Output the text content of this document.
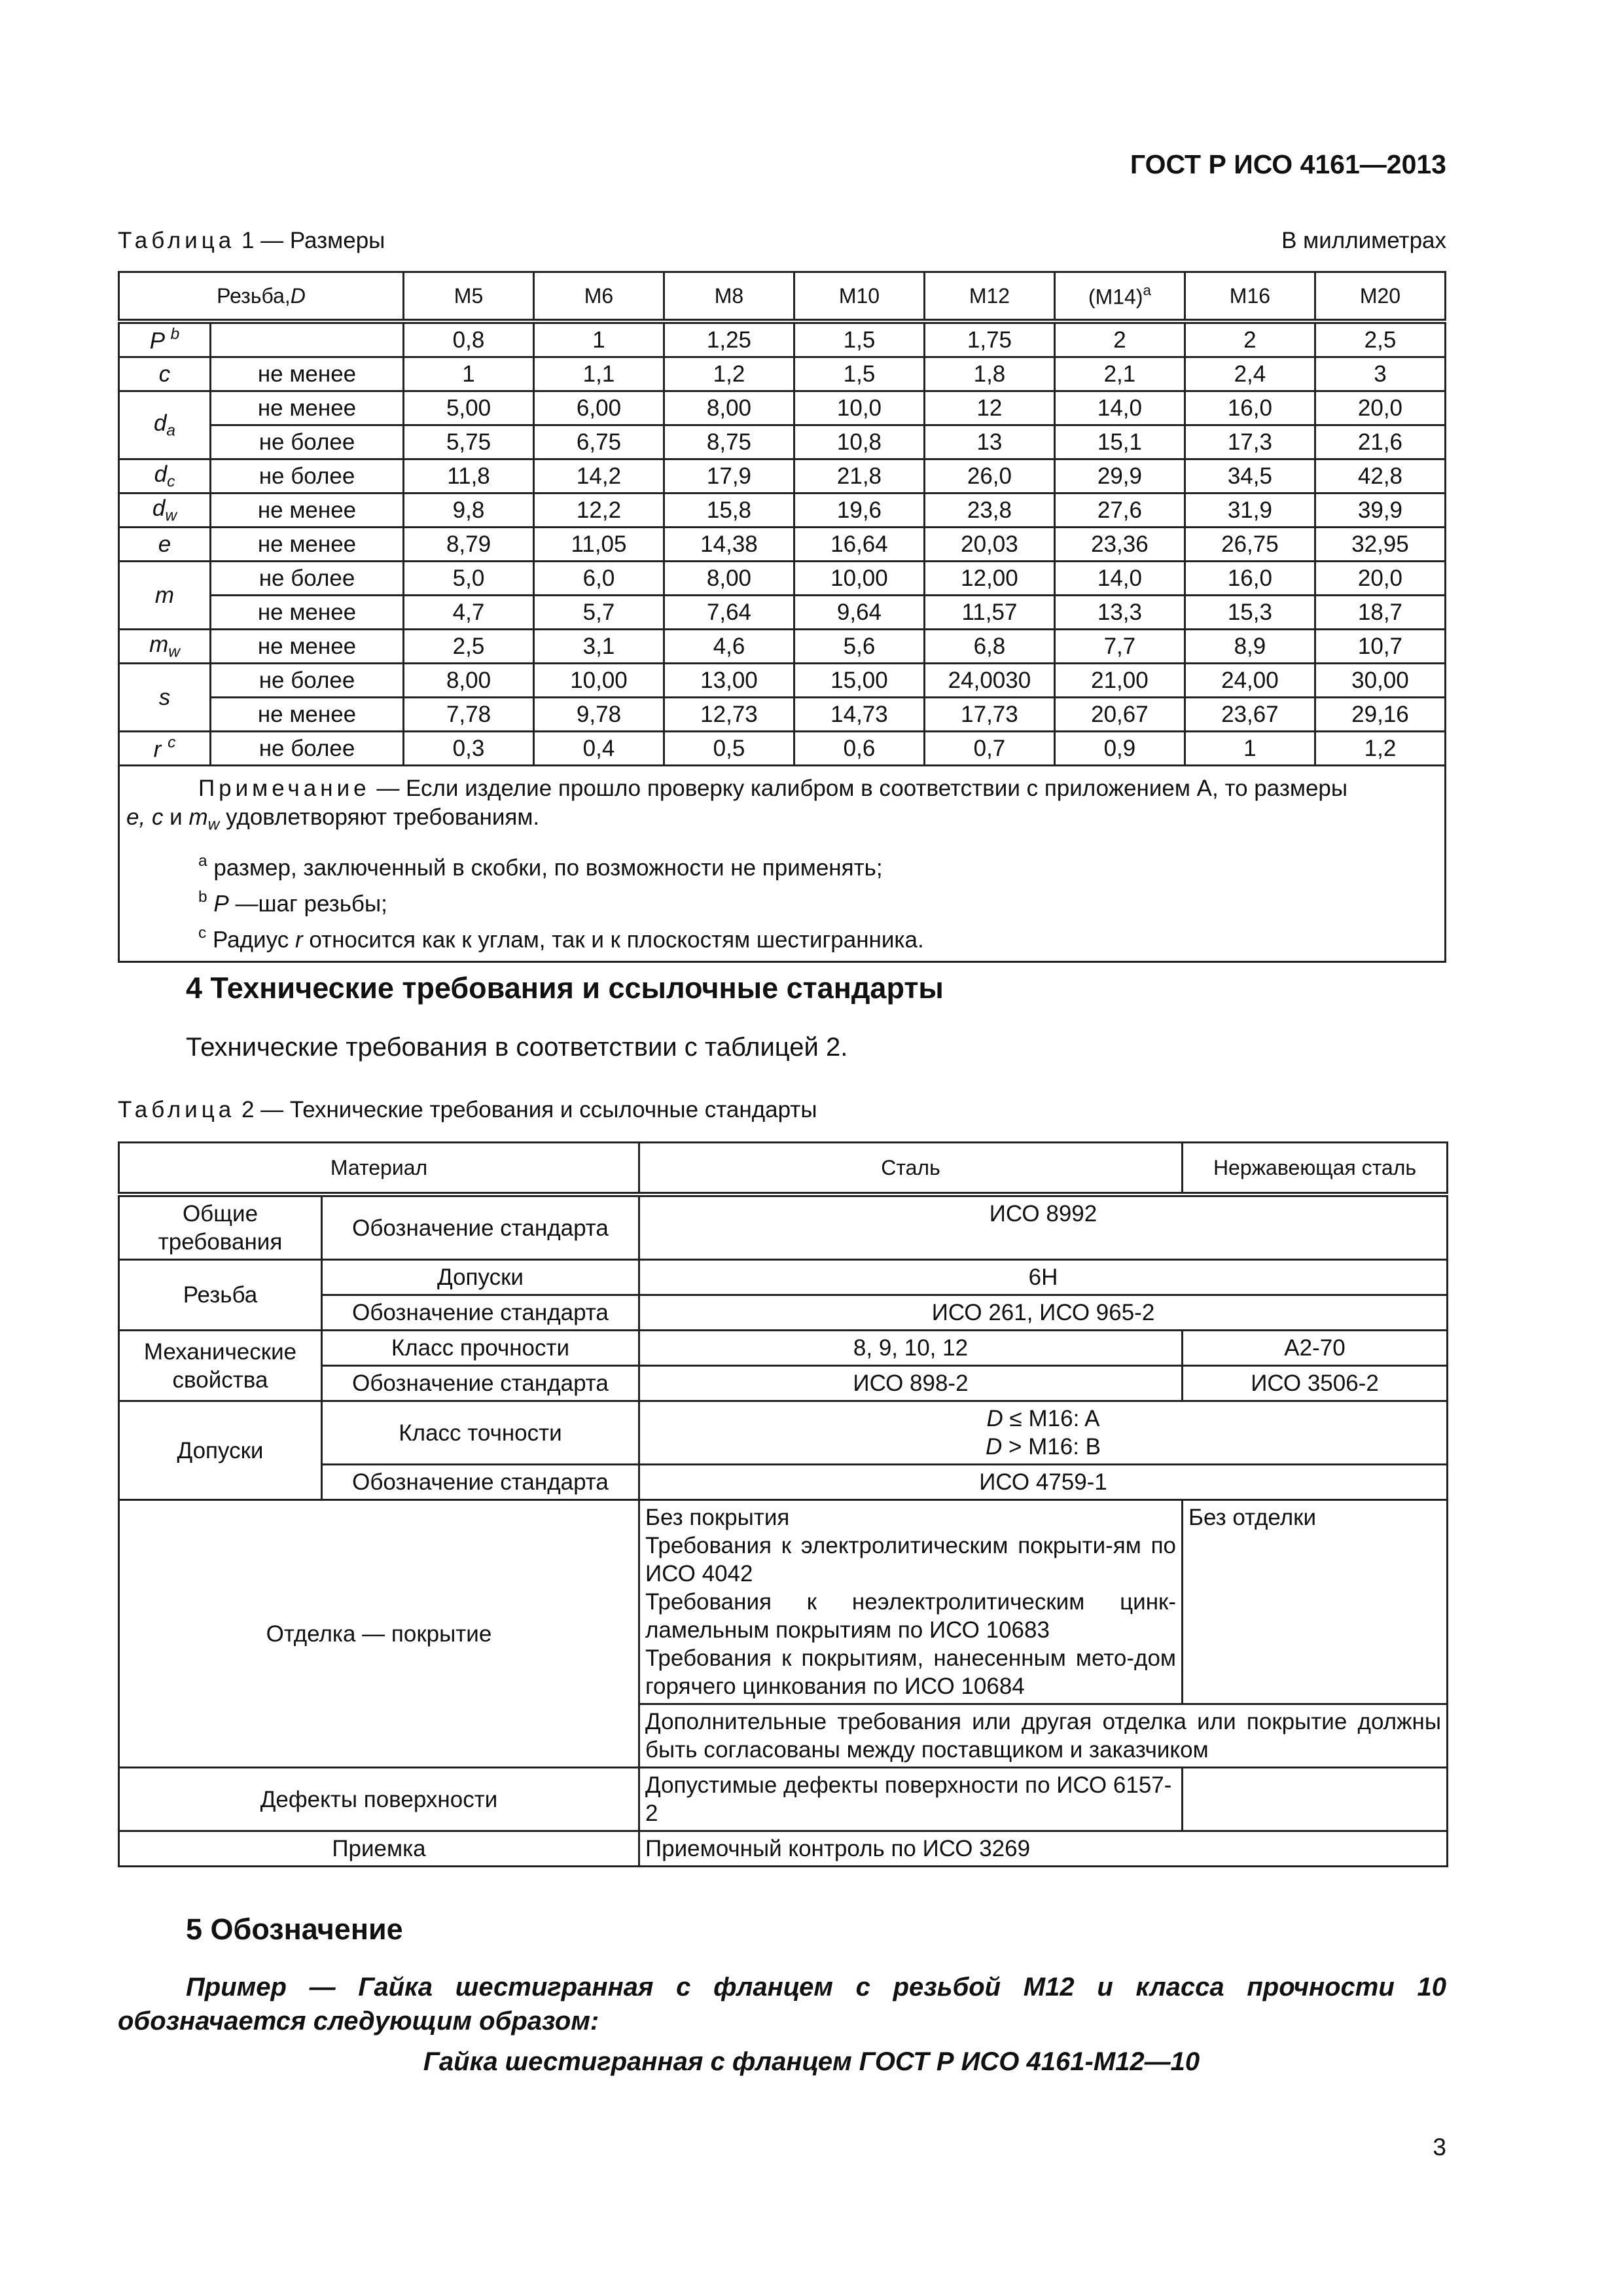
ГОСТ Р ИСО 4161—2013
Таблица 1 — Размеры	В миллиметрах
Резьба,D		M5	M6	M8	M10	M12	$(M14)^a$	M16	M20
P $^b$		0,8	1	1,25	1,5	1,75	2	2	2,5
c	не менее	1	1,1	1,2	1,5	1,8	2,1	2,4	3
$d_a$	не менее	5,00	6,00	8,00	10,0	12	14,0	16,0	20,0
	не более	5,75	6,75	8,75	10,8	13	15,1	17,3	21,6
$d_c$	не более	11,8	14,2	17,9	21,8	26,0	29,9	34,5	42,8
$d_w$	не менее	9,8	12,2	15,8	19,6	23,8	27,6	31,9	39,9
e	не менее	8,79	11,05	14,38	16,64	20,03	23,36	26,75	32,95
m	не более	5,0	6,0	8,00	10,00	12,00	14,0	16,0	20,0
	не менее	4,7	5,7	7,64	9,64	11,57	13,3	15,3	18,7
$m_w$	не менее	2,5	3,1	4,6	5,6	6,8	7,7	8,9	10,7
s	не более	8,00	10,00	13,00	15,00	24,0030	21,00	24,00	30,00
	не менее	7,78	9,78	12,73	14,73	17,73	20,67	23,67	29,16
r $^c$	не более	0,3	0,4	0,5	0,6	0,7	0,9	1	1,2

Примечание — Если изделие прошло проверку калибром в соответствии с приложением А, то размеры
e, c и $m_w$ удовлетворяют требованиям.
$^a$ размер, заключенный в скобки, по возможности не применять;
$^b$ P —шаг резьбы;
$^c$ Радиус r относится как к углам, так и к плоскостям шестигранника.									
4 Технические требования и ссылочные стандарты
Технические требования в соответствии с таблицей 2.
Таблица 2 — Технические требования и ссылочные стандарты
Материал		Сталь	Нержавеющая сталь
Общие требования	Обозначение стандарта	ИСО 8992	
Резьба	Допуски	6H	
	Обозначение стандарта	ИСО 261, ИСО 965-2	
Механические свойства	Класс прочности	8, 9, 10, 12	A2-70
	Обозначение стандарта	ИСО 898-2	ИСО 3506-2
Допуски	Класс точности	D ≤ M16: A
D > M16: B	

	Обозначение стандарта	ИСО 4759-1	
Отделка — покрытие		Без покрытия
Требования к электролитическим покрыти-ям по ИСО 4042
Требования к неэлектролитическим цинк-ламельным покрытиям по ИСО 10683
Требования к покрытиям, нанесенным мето-дом горячего цинкования по ИСО 10684	Без отделки
		Дополнительные требования или другая отделка или покрытие должны быть согласованы между поставщиком и заказчиком	
Дефекты поверхности		Допустимые дефекты поверхности по ИСО 6157-2	
Приемка		Приемочный контроль по ИСО 3269	
5 Обозначение
Пример — Гайка шестигранная с фланцем с резьбой М12 и класса прочности 10 обозначается следующим образом:
Гайка шестигранная с фланцем ГОСТ Р ИСО 4161-М12—10
3
